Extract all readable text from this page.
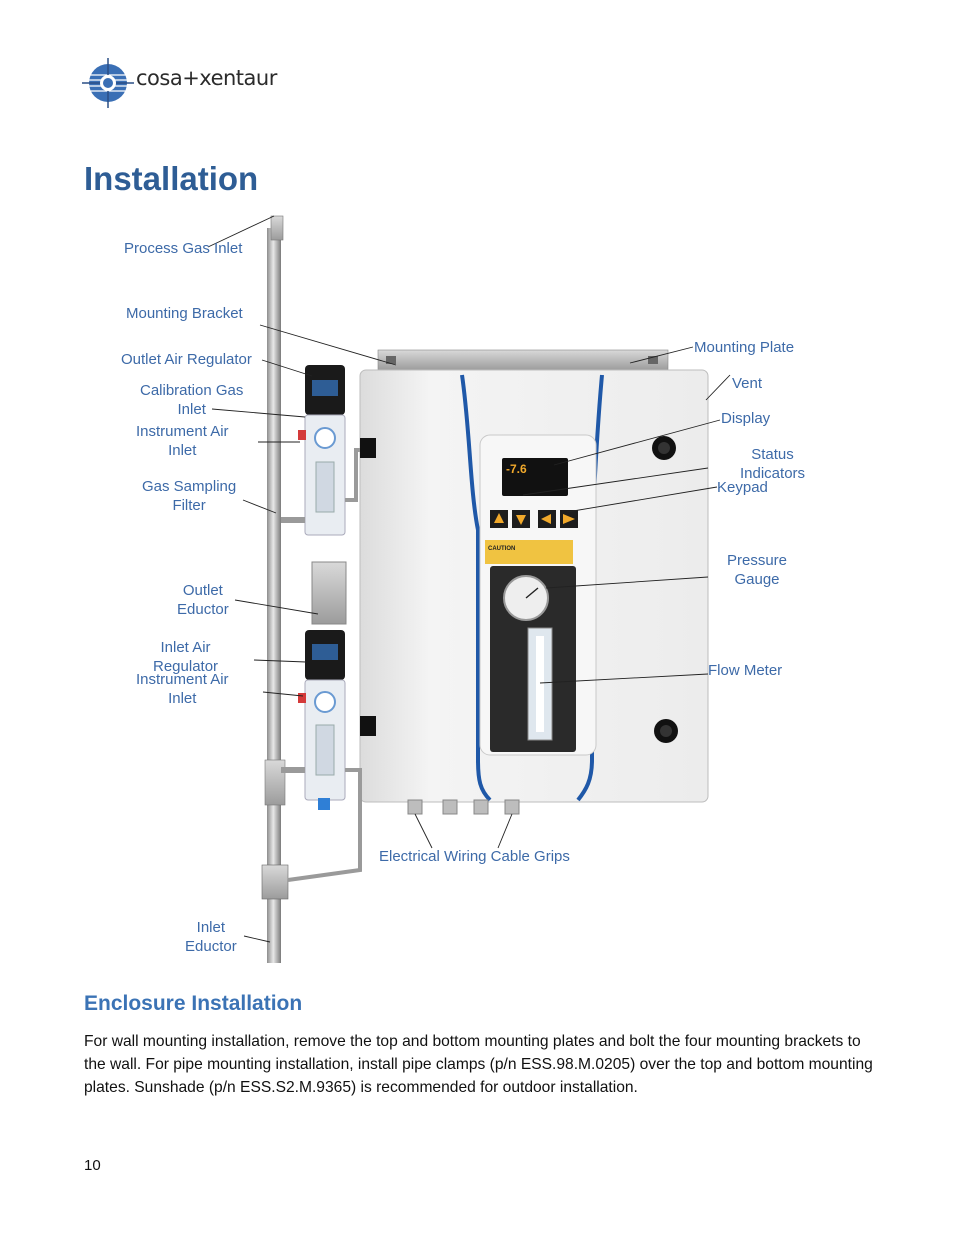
cosa+xentaur
Installation
-7.6
CAUTION
Process Gas Inlet
Mounting Bracket
Outlet Air Regulator
Calibration Gas
Inlet
Instrument Air
Inlet
Gas Sampling
Filter
Outlet
Eductor
Inlet Air
Regulator
Instrument Air
Inlet
Inlet
Eductor
Mounting Plate
Vent
Display
Status
Indicators
Keypad
Pressure
Gauge
Flow Meter
Electrical Wiring Cable Grips
Enclosure Installation
For wall mounting installation, remove the top and bottom mounting plates and bolt the four mounting brackets to the wall. For pipe mounting installation, install pipe clamps (p/n ESS.98.M.0205) over the top and bottom mounting plates. Sunshade (p/n ESS.S2.M.9365) is recommended for outdoor installation.
10
